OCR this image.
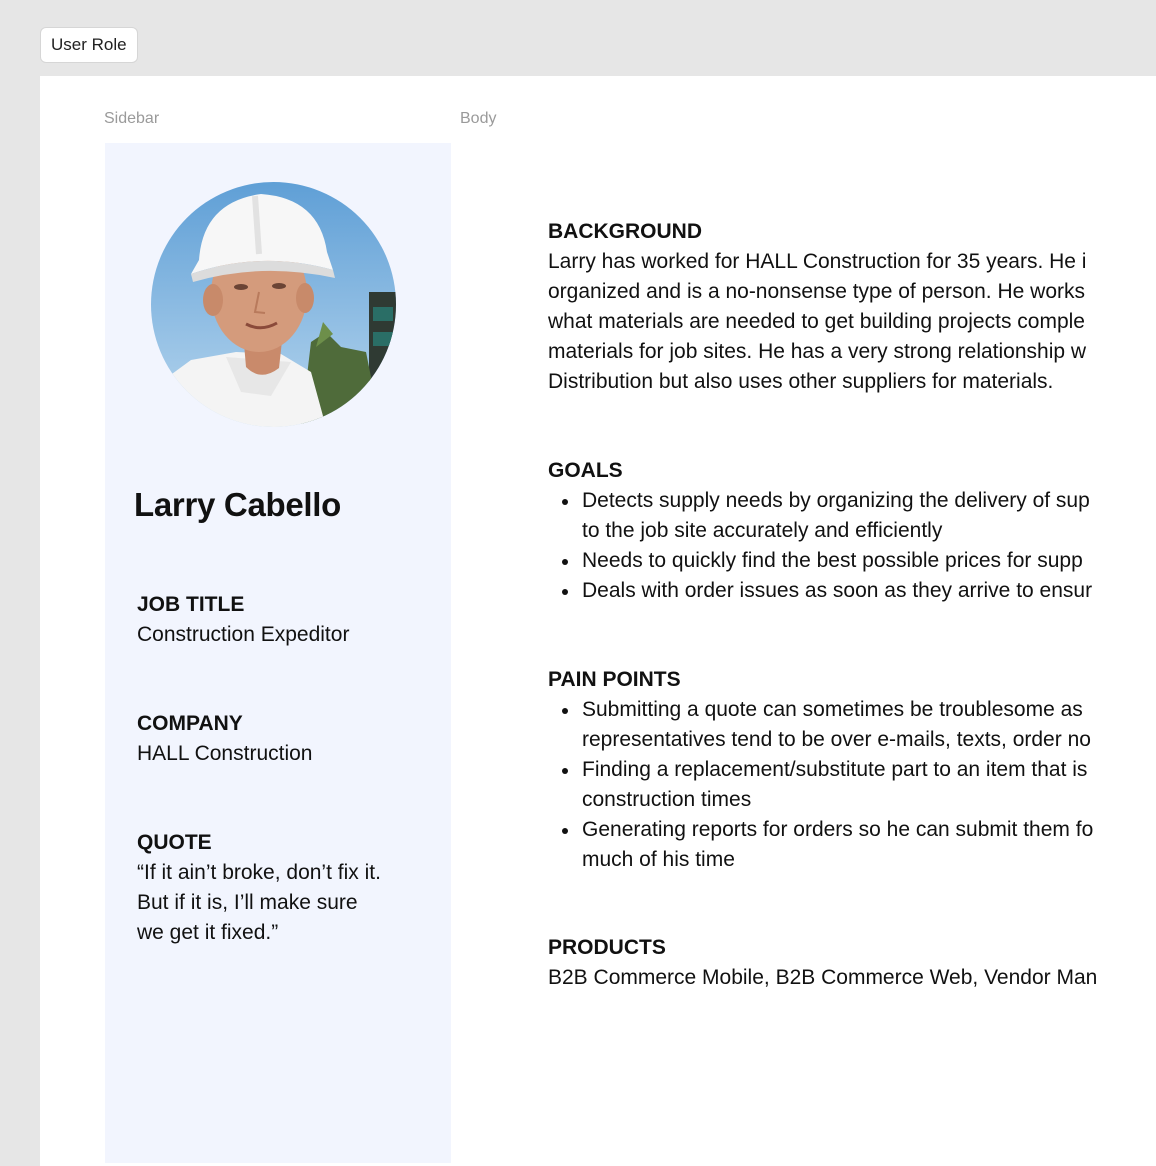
User Role
Sidebar	Body
Larry Cabello
JOB TITLE
Construction Expeditor
COMPANY
HALL Construction
QUOTE
“If it ain’t broke, don’t fix it.
But if it is, I’ll make sure
we get it fixed.”
BACKGROUND
Larry has worked for HALL Construction for 35 years. He i
organized and is a no-nonsense type of person. He works
what materials are needed to get building projects comple
materials for job sites. He has a very strong relationship w
Distribution but also uses other suppliers for materials.
GOALS
Detects supply needs by organizing the delivery of sup
to the job site accurately and efficiently
Needs to quickly find the best possible prices for supp
Deals with order issues as soon as they arrive to ensur
PAIN POINTS
Submitting a quote can sometimes be troublesome as
representatives tend to be over e-mails, texts, order no
Finding a replacement/substitute part to an item that is
construction times
Generating reports for orders so he can submit them fo
much of his time
PRODUCTS
B2B Commerce Mobile, B2B Commerce Web, Vendor Man
